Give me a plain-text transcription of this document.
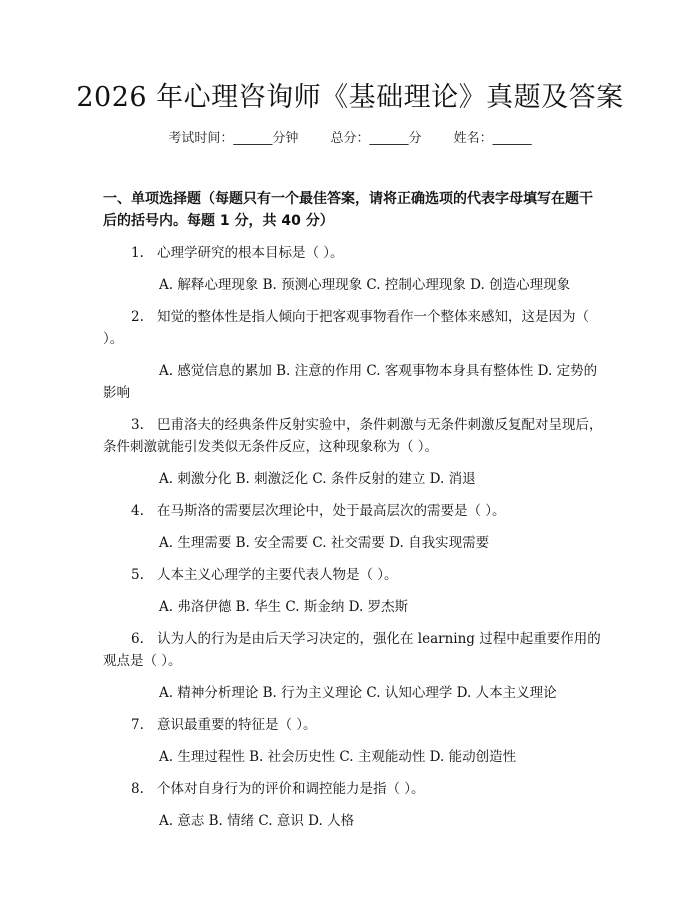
2026 年心理咨询师《基础理论》真题及答案
考试时间：______分钟 总分：______分 姓名：______
一、单项选择题（每题只有一个最佳答案，请将正确选项的代表字母填写在题干后的括号内。每题 1 分，共 40 分）

1. 心理学研究的根本目标是（ ）。

A. 解释心理现象 B. 预测心理现象 C. 控制心理现象 D. 创造心理现象

2. 知觉的整体性是指人倾向于把客观事物看作一个整体来感知，这是因为（ ）。

A. 感觉信息的累加 B. 注意的作用 C. 客观事物本身具有整体性 D. 定势的影响

3. 巴甫洛夫的经典条件反射实验中，条件刺激与无条件刺激反复配对呈现后，条件刺激就能引发类似无条件反应，这种现象称为（ ）。

A. 刺激分化 B. 刺激泛化 C. 条件反射的建立 D. 消退

4. 在马斯洛的需要层次理论中，处于最高层次的需要是（ ）。

A. 生理需要 B. 安全需要 C. 社交需要 D. 自我实现需要

5. 人本主义心理学的主要代表人物是（ ）。

A. 弗洛伊德 B. 华生 C. 斯金纳 D. 罗杰斯

6. 认为人的行为是由后天学习决定的，强化在 learning 过程中起重要作用的观点是（ ）。

A. 精神分析理论 B. 行为主义理论 C. 认知心理学 D. 人本主义理论

7. 意识最重要的特征是（ ）。

A. 生理过程性 B. 社会历史性 C. 主观能动性 D. 能动创造性

8. 个体对自身行为的评价和调控能力是指（ ）。

A. 意志 B. 情绪 C. 意识 D. 人格
